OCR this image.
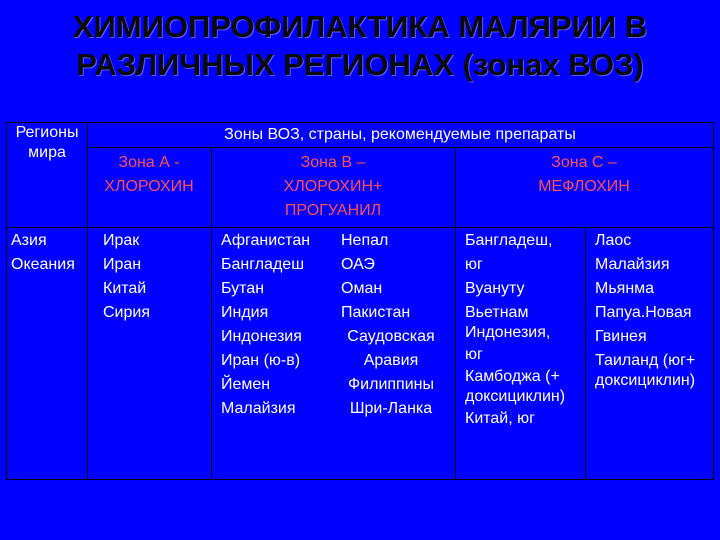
ХИМИОПРОФИЛАКТИКА МАЛЯРИИ В
РАЗЛИЧНЫХ РЕГИОНАХ (зонах ВОЗ)
Регионы
мира
Зоны ВОЗ, страны, рекомендуемые препараты
Зона А -
ХЛОРОХИН
Зона В –
ХЛОРОХИН+
ПРОГУАНИЛ
Зона С –
МЕФЛОХИН
Азия
Океания
Ирак
Иран
Китай
Сирия
Афганистан
Бангладеш
Бутан
Индия
Индонезия
Иран (ю-в)
Йемен
Малайзия
Непал
ОАЭ
Оман
Пакистан
Саудовская
Аравия
Филиппины
Шри-Ланка
Бангладеш,
юг
Вуануту
Вьетнам
Индонезия,
юг
Камбоджа (+
доксициклин)
Китай, юг
Лаос
Малайзия
Мьянма
Папуа.Новая
Гвинея
Таиланд (юг+
доксициклин)
